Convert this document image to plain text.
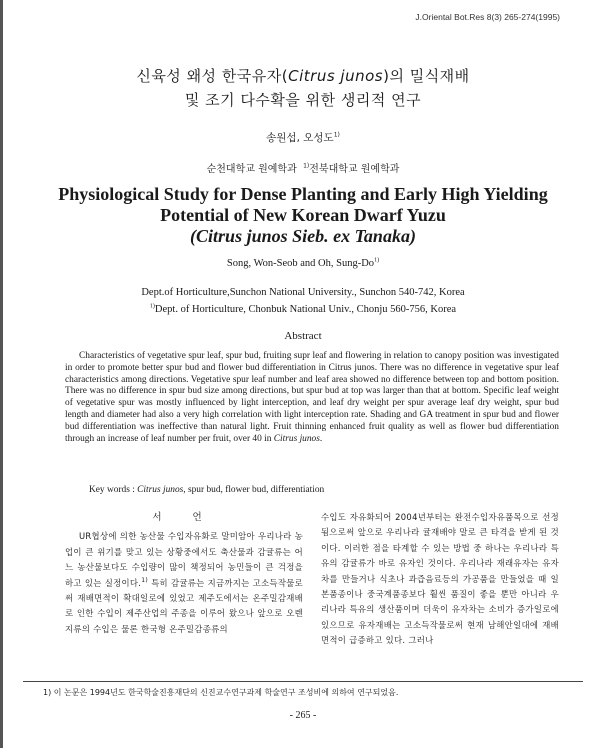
J.Oriental Bot.Res 8(3) 265-274(1995)
신육성 왜성 한국유자(Citrus junos)의 밀식재배
및 조기 다수확을 위한 생리적 연구
송원섭, 오성도$^{1)}$
순천대학교 원예학과 $^{1)}$전북대학교 원예학과
Physiological Study for Dense Planting and Early High Yielding
Potential of New Korean Dwarf Yuzu
(Citrus junos Sieb. ex Tanaka)
Song, Won-Seob and Oh, Sung-Do$^{1)}$
Dept.of Horticulture,Sunchon National University., Sunchon 540-742, Korea
$^{1)}$Dept. of Horticulture, Chonbuk National Univ., Chonju 560-756, Korea
Abstract
Characteristics of vegetative spur leaf, spur bud, fruiting supr leaf and flowering in relation to canopy position was investigated in order to promote better spur bud and flower bud differentiation in Citrus junos. There was no difference in vegetative spur leaf characteristics among directions. Vegetative spur leaf number and leaf area showed no difference between top and bottom position. There was no difference in spur bud size among directions, but spur bud at top was larger than that at bottom. Specific leaf weight of vegetative spur was mostly influenced by light interception, and leaf dry weight per spur average leaf dry weight, spur bud length and diameter had also a very high correlation with light interception rate. Shading and GA treatment in spur bud and flower bud differentiation was ineffective than natural light. Fruit thinning enhanced fruit quality as well as flower bud differentiation through an increase of leaf number per fruit, over 40 in Citrus junos.
Key words : Citrus junos, spur bud, flower bud, differentiation
서 언
UR협상에 의한 농산물 수입자유화로 말미암아 우리나라 농업이 큰 위기를 맞고 있는 상황중에서도 축산물과 감귤류는 어느 농산물보다도 수입량이 많이 책정되어 농민들이 큰 걱정을 하고 있는 실정이다.$^{1)}$ 특히 감귤류는 지금까지는 고소득작물로써 재배면적이 확대일로에 있었고 제주도에서는 온주밀감재배로 인한 수입이 제주산업의 주종을 이루어 왔으나 앞으로 오렌지류의 수입은 물론 한국형 온주밀감종류의
수입도 자유화되어 2004년부터는 완전수입자유품목으로 선정됨으로써 앞으로 우리나라 귤재배야 말로 큰 타격을 받게 된 것이다. 이러한 점을 타계할 수 있는 방법 중 하나는 우리나라 특유의 감귤류가 바로 유자인 것이다. 우리나라 재래유자는 유자차를 만들거나 식초나 과즙음료등의 가공품을 만들었을 때 일본품종이나 중국계품종보다 훨씬 품질이 좋을 뿐만 아니라 우리나라 특유의 생산품이며 더욱이 유자차는 소비가 증가일로에 있으므로 유자재배는 고소득작물로써 현재 남해안일대에 재배면적이 급증하고 있다. 그러나
1) 이 논문은 1994년도 한국학술진흥재단의 신진교수연구과제 학술연구 조성비에 의하여 연구되었음.
- 265 -
